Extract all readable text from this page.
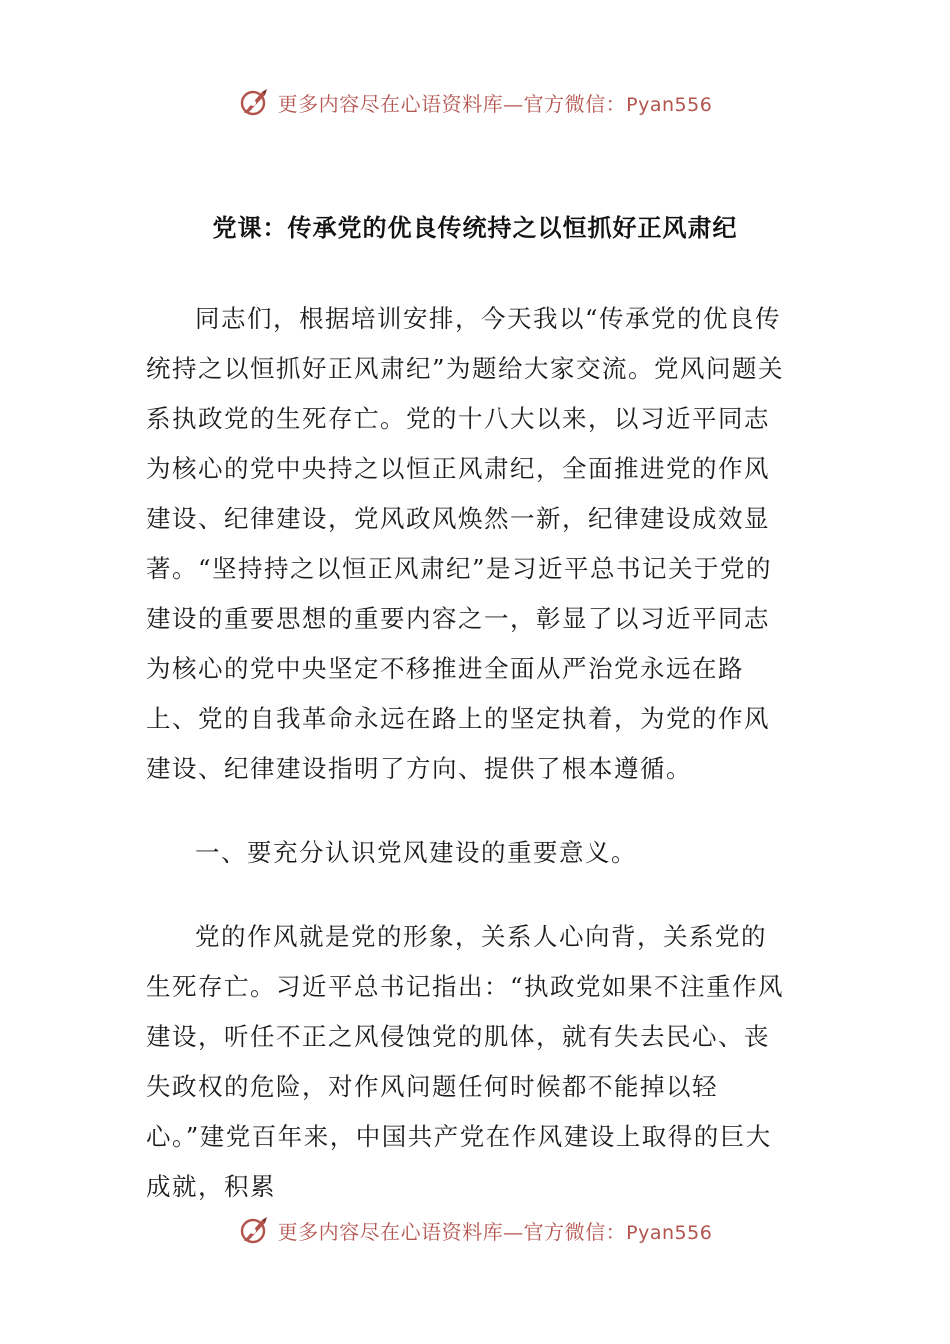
更多内容尽在心语资料库—官方微信：Pyan556
党课：传承党的优良传统持之以恒抓好正风肃纪

同志们，根据培训安排，今天我以“传承党的优良传统持之以恒抓好正风肃纪”为题给大家交流。党风问题关系执政党的生死存亡。党的十八大以来，以习近平同志为核心的党中央持之以恒正风肃纪，全面推进党的作风建设、纪律建设，党风政风焕然一新，纪律建设成效显著。“坚持持之以恒正风肃纪”是习近平总书记关于党的建设的重要思想的重要内容之一，彰显了以习近平同志为核心的党中央坚定不移推进全面从严治党永远在路上、党的自我革命永远在路上的坚定执着，为党的作风建设、纪律建设指明了方向、提供了根本遵循。

一、要充分认识党风建设的重要意义。

党的作风就是党的形象，关系人心向背，关系党的生死存亡。习近平总书记指出：“执政党如果不注重作风建设，听任不正之风侵蚀党的肌体，就有失去民心、丧失政权的危险，对作风问题任何时候都不能掉以轻心。”建党百年来，中国共产党在作风建设上取得的巨大成就，积累

更多内容尽在心语资料库—官方微信：Pyan556
